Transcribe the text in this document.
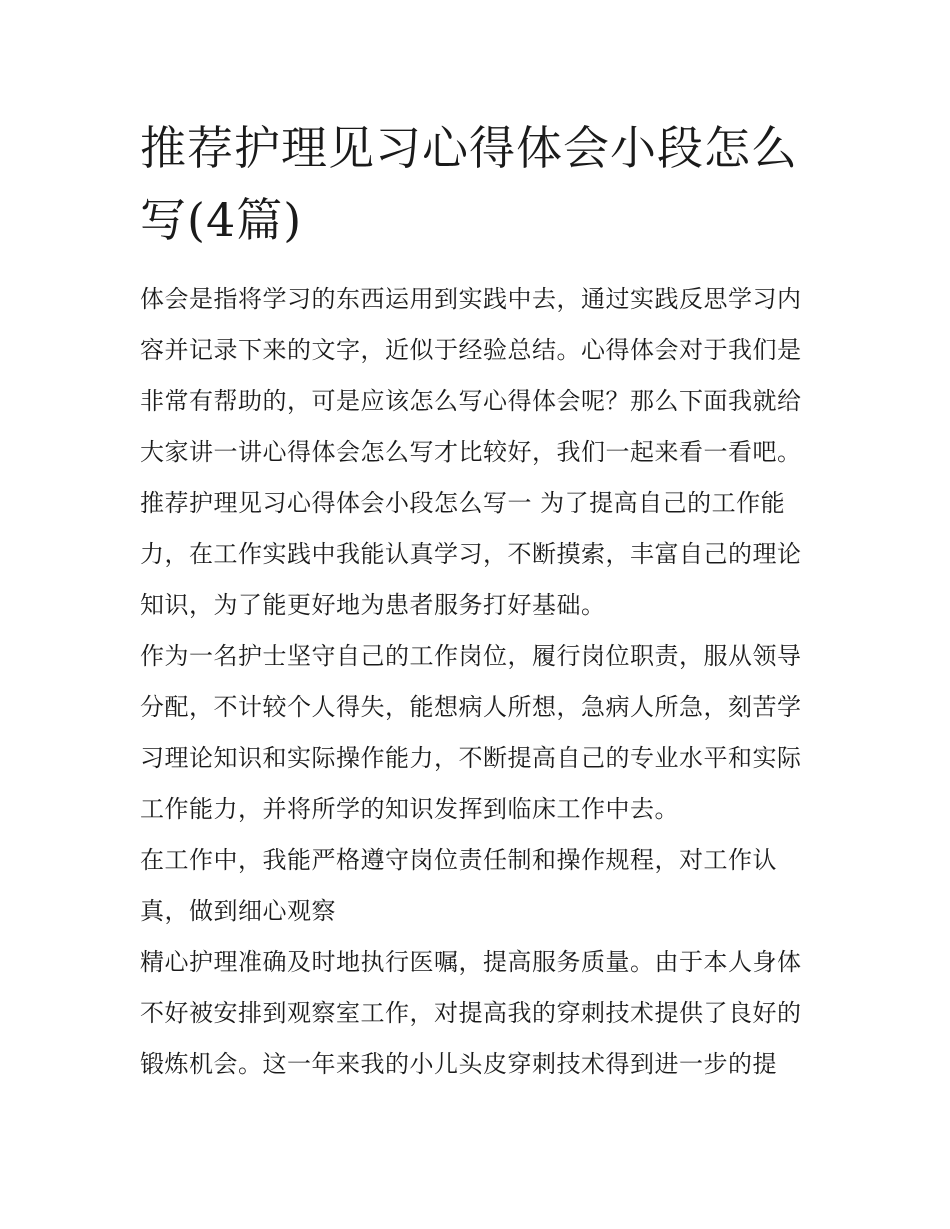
推荐护理见习心得体会小段怎么写(4篇)

体会是指将学习的东西运用到实践中去，通过实践反思学习内容并记录下来的文字，近似于经验总结。心得体会对于我们是非常有帮助的，可是应该怎么写心得体会呢？那么下面我就给大家讲一讲心得体会怎么写才比较好，我们一起来看一看吧。

推荐护理见习心得体会小段怎么写一 为了提高自己的工作能力，在工作实践中我能认真学习，不断摸索，丰富自己的理论知识，为了能更好地为患者服务打好基础。

作为一名护士坚守自己的工作岗位，履行岗位职责，服从领导分配，不计较个人得失，能想病人所想，急病人所急，刻苦学习理论知识和实际操作能力，不断提高自己的专业水平和实际工作能力，并将所学的知识发挥到临床工作中去。

在工作中，我能严格遵守岗位责任制和操作规程，对工作认真，做到细心观察

精心护理准确及时地执行医嘱，提高服务质量。由于本人身体不好被安排到观察室工作，对提高我的穿刺技术提供了良好的锻炼机会。这一年来我的小儿头皮穿刺技术得到进一步的提
